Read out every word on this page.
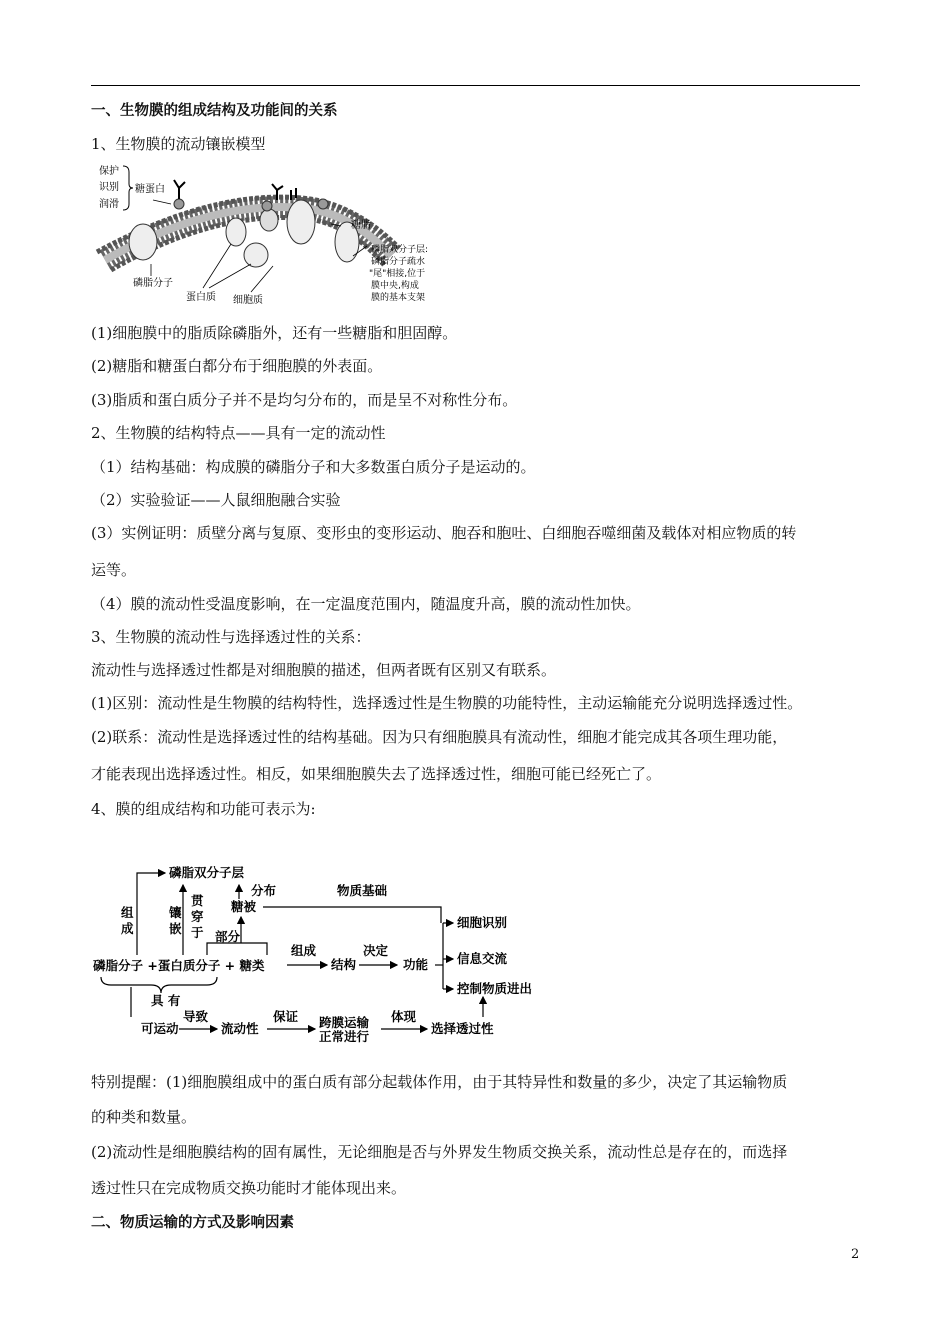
一、生物膜的组成结构及功能间的关系
1、生物膜的流动镶嵌模型
保护
识别
润滑
糖蛋白
糖脂
磷脂双分子层:
磷脂分子疏水
"尾"相接,位于
膜中央,构成
膜的基本支架
磷脂分子
蛋白质 细胞质
(1)细胞膜中的脂质除磷脂外，还有一些糖脂和胆固醇。
(2)糖脂和糖蛋白都分布于细胞膜的外表面。
(3)脂质和蛋白质分子并不是均匀分布的，而是呈不对称性分布。
2、生物膜的结构特点——具有一定的流动性
（1）结构基础：构成膜的磷脂分子和大多数蛋白质分子是运动的。
（2）实验验证——人鼠细胞融合实验
(3）实例证明：质壁分离与复原、变形虫的变形运动、胞吞和胞吐、白细胞吞噬细菌及载体对相应物质的转
运等。
（4）膜的流动性受温度影响，在一定温度范围内，随温度升高，膜的流动性加快。
3、生物膜的流动性与选择透过性的关系：
流动性与选择透过性都是对细胞膜的描述，但两者既有区别又有联系。
(1)区别：流动性是生物膜的结构特性，选择透过性是生物膜的功能特性，主动运输能充分说明选择透过性。
(2)联系：流动性是选择透过性的结构基础。因为只有细胞膜具有流动性，细胞才能完成其各项生理功能，
才能表现出选择透过性。相反，如果细胞膜失去了选择透过性，细胞可能已经死亡了。
4、膜的组成结构和功能可表示为:
磷脂双分子层
分布
糖被
物质基础
组
成
镶
嵌
贯
穿
于 部分
磷脂分子 +蛋白质分子 + 糖类
组成
结构
决定
功能
细胞识别
信息交流
控制物质进出
具 有
可运动
导致
流动性
保证 跨膜运输
正常进行
体现
选择透过性
特别提醒：(1)细胞膜组成中的蛋白质有部分起载体作用，由于其特异性和数量的多少，决定了其运输物质
的种类和数量。
(2)流动性是细胞膜结构的固有属性，无论细胞是否与外界发生物质交换关系，流动性总是存在的，而选择
透过性只在完成物质交换功能时才能体现出来。
二、物质运输的方式及影响因素
2
